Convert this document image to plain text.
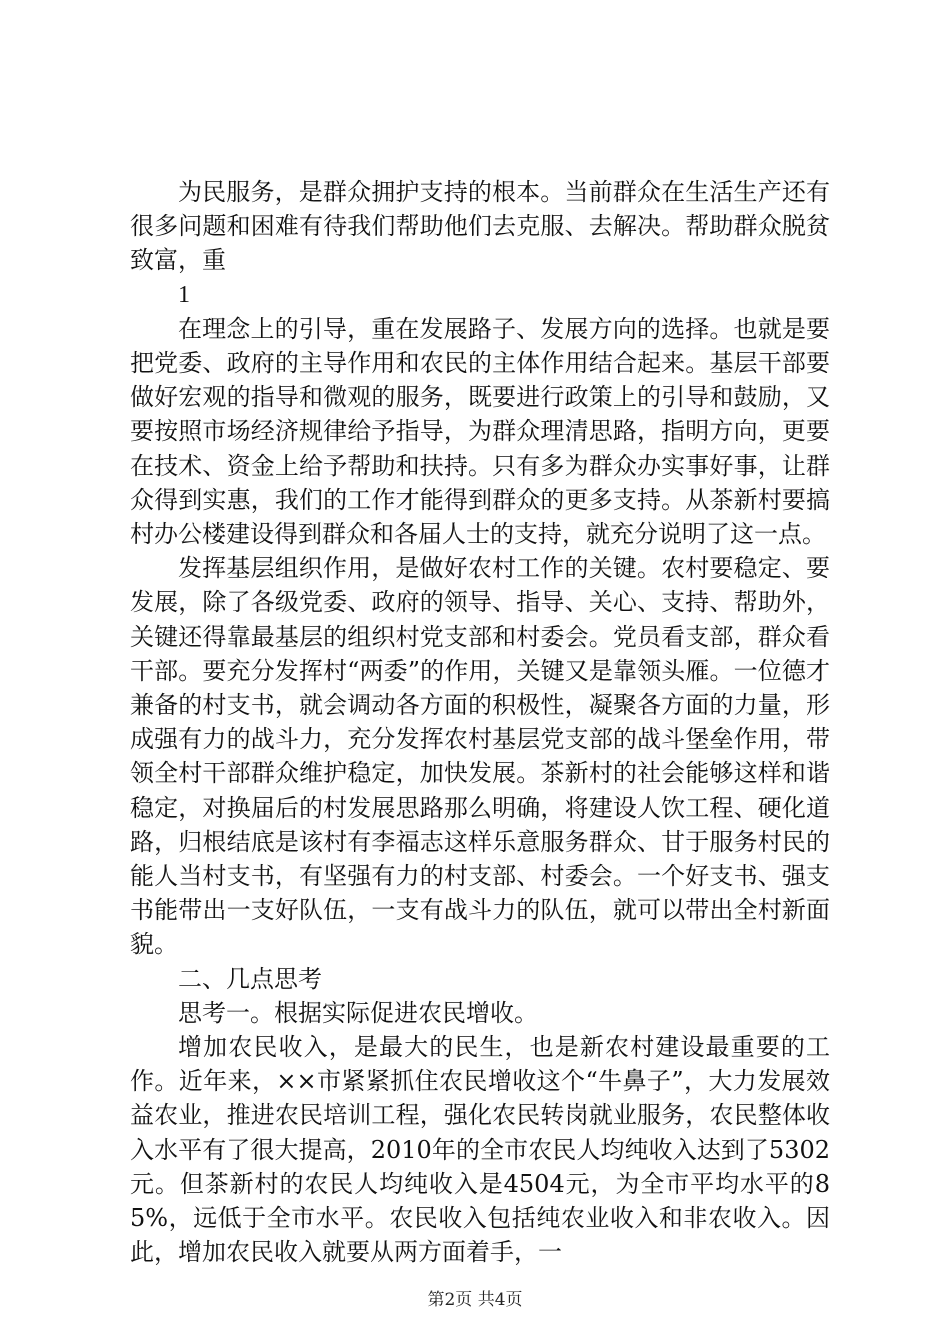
为民服务，是群众拥护支持的根本。当前群众在生活生产还有很多问题和困难有待我们帮助他们去克服、去解决。帮助群众脱贫致富，重

1

在理念上的引导，重在发展路子、发展方向的选择。也就是要把党委、政府的主导作用和农民的主体作用结合起来。基层干部要做好宏观的指导和微观的服务，既要进行政策上的引导和鼓励，又要按照市场经济规律给予指导，为群众理清思路，指明方向，更要在技术、资金上给予帮助和扶持。只有多为群众办实事好事，让群众得到实惠，我们的工作才能得到群众的更多支持。从茶新村要搞村办公楼建设得到群众和各届人士的支持，就充分说明了这一点。

发挥基层组织作用，是做好农村工作的关键。农村要稳定、要发展，除了各级党委、政府的领导、指导、关心、支持、帮助外，关键还得靠最基层的组织村党支部和村委会。党员看支部，群众看干部。要充分发挥村“两委”的作用，关键又是靠领头雁。一位德才兼备的村支书，就会调动各方面的积极性，凝聚各方面的力量，形成强有力的战斗力，充分发挥农村基层党支部的战斗堡垒作用，带领全村干部群众维护稳定，加快发展。茶新村的社会能够这样和谐稳定，对换届后的村发展思路那么明确，将建设人饮工程、硬化道路，归根结底是该村有李福志这样乐意服务群众、甘于服务村民的能人当村支书，有坚强有力的村支部、村委会。一个好支书、强支书能带出一支好队伍，一支有战斗力的队伍，就可以带出全村新面貌。

二、几点思考

思考一。根据实际促进农民增收。

增加农民收入，是最大的民生，也是新农村建设最重要的工作。近年来，××市紧紧抓住农民增收这个“牛鼻子”，大力发展效益农业，推进农民培训工程，强化农民转岗就业服务，农民整体收入水平有了很大提高，2010年的全市农民人均纯收入达到了5302元。但茶新村的农民人均纯收入是4504元，为全市平均水平的85%，远低于全市水平。农民收入包括纯农业收入和非农收入。因此，增加农民收入就要从两方面着手，一

第2页 共4页
